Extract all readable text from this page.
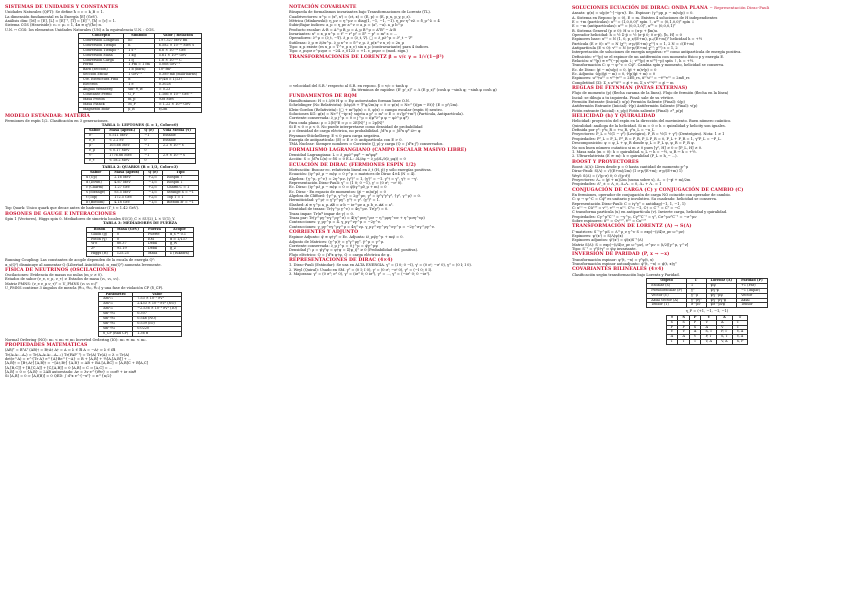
SISTEMAS DE UNIDADES Y CONSTANTES
Unidades Naturales (QFT): Se define ħ = c = k_B = 1.
La dimensión fundamental es la Energía [E] (GeV).
Análisis dim: [M] = [E], [L] = [E]⁻¹, [T] = [E]⁻¹, [ħ] = [c] = 1.
Sistema CGS (Heaviside): ε₀ = μ₀ = 1, 4π ≡ q²/(ħc) α.
U.N. ↔ CGS: los elementos Unidades Naturales (UN) a la equivalencia U.N. : CGS.
Concepto	Símbolo	Valor / Relación
Conversión Longitud	ħc	197.327 MeV fm
Conversión Tiempo	ħ	6.582 × 10⁻²² MeV s
Conversión Tiempo⁻¹	1 s⁻¹	6.6 × 10⁻²⁴ GeV
Conversión Masa	1 kg	5.61 × 10²⁶ GeV
Conversión Carga	1 q	1.6 × 10⁻¹⁹ C
Fermi	1 Fm = 1 fm	5.068 GeV⁻¹
Barn (sección)	1 b (barn)	10² fm²
Sección Eficaz	1 GeV⁻²	0.389 mb (milli-barns)
Cte. Estructura Fina	α	e²/4π ≈ 1/137
Electrón	1 e	0.3028
Ángulo Weinberg	sin² θ_W	≈ 0.23
Constante Fermi	G_F	1.166 × 10⁻⁵ GeV⁻²
Masa Protón	m_p	938 MeV
Masa Planck	M_P	≈ 1.22 × 10¹⁹ GeV
Magnetón Bohr	μ_B	e/2m
MODELO ESTÁNDAR: MATERIA
Fermiones de espín 1/2. Clasificación en 3 generaciones.
TABLA 1: LEPTONES (L = 1, Color=0)
Sabor	Masa (aprox.)	Q (e)	Vida Media (τ)
e⁻	0.511 MeV	−1	Estable
ν_e	< 2.2 eV	0	Estable
μ⁻	105.66 MeV	−1	2.2 × 10⁻⁶ s
ν_μ	< 0.17 MeV	0	
τ⁻	1776.86 MeV	−1	2.9 × 10⁻¹³ s
ν_τ	< 18.2 MeV	0	
TABLA 2: QUARKS (B = 1/3, Color=3)
Sabor	Masa (aprox)	Q (e)	Tipo
u (Up)	2.16 MeV	+2/3	Isospín ↑
d (Down)	4.67 MeV	−1/3	Isospín ↓
c (Charm)	1.27 GeV	+2/3	Charm C = 1
s (Strange)	93.5 MeV	−1/3	Strange S = −1
t (Top)	172.5 GeV	+2/3	Top T = 1
b (Bottom)	4.18 GeV	−1/3	Bottom B' = −1
Top Quark: Único quark que decae antes de hadronizar (Γ_t ≈ 1.42 GeV).
BOSONES DE GAUGE E INTERACCIONES
Spin 1 (Vectores), Higgs spin 0. Mediadores de simetría locales SU(3)_C × SU(2)_L × U(1)_Y.
TABLA 3: MEDIADORES DE FUERZA
Bosón	Masa (GeV)	Fuerza	Acople
Gluón (g)	0	Fuerte	α_s ~ 0.1
Fotón (γ)	0	EM	α ≈ 1/137
W±	80.37	Débil	g_W
Z⁰	91.19	Débil	g_Z
Higgs (H)	125.25	Masa	λ (Yukawa)
Running Coupling: Las constantes de acople dependen de la escala de energía Q²:
α_s(Q²) disminuye al aumentar Q (Libertad Asintótica). α_em(Q²) aumenta levemente.
FÍSICA DE NEUTRINOS (OSCILACIONES)
Oscilaciones: Evidencia de masas no nulas (m_ν ≠ 0).
Estados de sabor (ν_e, ν_μ, ν_τ) ≠ Estados de masa (ν₁, ν₂, ν₃).
Matriz PMNS: (ν_e ν_μ ν_τ)ᵀ = U_PMNS (ν₁ ν₂ ν₃)ᵀ
U_PMNS contiene 3 ángulos de mezcla (θ₁₂, θ₂₃, θ₁₃) y una fase de violación CP (δ_CP).
Parámetro	Valor
Δm²₂₁	7.53 × 10⁻⁵ eV²
Δm²₃₂	2.453 × 10⁻³ eV² (NO)
Δm²₃₂	−2.536 × 10⁻³ eV² (IO)
sin² θ₁₂	0.307
sin² θ₂₃	0.546 (NO)
sin² θ₂₃	0.539 (IO)
sin² θ₁₃	0.0220
δ_CP (Rad CP)	1.36 π
Normal Ordering (NO): m₁ < m₂ ≪ m₃ Inverted Ordering (IO): m₃ ≪ m₁ < m₂.
PROPIEDADES MATEMÁTICAS
(AB)ᵀ = BᵀAᵀ (AB)† = B†A† A† = A ⇒ λ ∈ ℝ A = −A† ⇒ λ ∈ iℝ
Tr(A₁A₂...Aₙ) = Tr(AₙA₁A₂...Aₙ₋₁) Tr(PAP⁻¹) = Tr(A) Tr(A) = λ = Tr(A)
det(e^A) = e^{Tr A} e^{A}Be^{−A} = B + [A,B] + ½[A,[A,B]] + ...
[A,B]† = [B†,A†] [A,B]† = −[A†,B†] {A,B} = AB + BA [A,BC] = [A,B]C + B[A,C]
[A,[B,C]] + [B,[C,A]] + [C,[A,B]] = 0 [A,B] = C ⇒ [A,C] = ...
[A,B] = 0 ⇔ {A,B} = 2AB autoestado: Av = λv e^{iθσ} = cosθ + iσ sinθ
Si [A,B] = 0 ⇒ [A,f(B)] = 0 QED: ∫ dⁿx e^{−x²} = π^{n/2}
NOTACIÓN COVARIANTE
Búsqueda de formalismos invariantes bajo Transformaciones de Lorentz (TL).
Cuadrivectores: x^μ = (x⁰, xⁱ) = (ct, x) = (E, p) = (E, p_x, p_y, p_z).
Métrica (Minkowski): η_μν = η^μν = diag(1, −1, −1, −1). η_μν η^νλ = δ_μ^λ = 4
Subir/Bajar índices: a_μ = η_μν a^ν ⇒ a_μ = (a⁰, −a). a_μ b^μ
Producto escalar: A·B = A^μ B_μ = A_μ B^μ = A⁰B⁰ − A·B
Invariantes: x² = x_μ x^μ = t² − r² p² = E² − p² = m² s = ...
Operadores: ∂^μ = (∂_t, −∇). ∂_μ = (∂_t, ∇). □ = ∂_μ∂^μ = ∂²_t − ∇²
Sutilezas: ∂_μ ≡ ∂/∂x^μ. ∂_μ x^ν = δ^ν_μ. ∂_μ(x^ν x_ν) = 2x_μ
Tipo: x_μ existe (es x_μ = T^ν_μ x_ν) sin x_μ (contravariante) para 4 índices.
Tipo: ε_μνρσ ε^μνρσ = −24. ε_0123 = +1. ε_μνρσ = (mod. sign.)
TRANSFORMACIONES DE LORENTZ β = v/c γ = 1/√(1−β²)
⇒ velocidad del S.R.' respecto al S.R. en reposo. β = v/c = tanh φ
En términos de rapidez: (E' p'_z)ᵀ = Λ (E p_z)ᵀ (cosh φ −sinh φ; −sinh φ cosh φ)
FUNDAMENTOS DE RQM
Hamiltonianos: Ĥ = i ∂/∂t Ĥ ψ = Eψ autoestados forman base O.N.
Schrödinger (No Relativista): (i∂ψ/∂t + ∇²ψ/2m)ψ = 0 ⇒ ψ(x) = Ne^{i(px − Et)} (E = p²/2m).
Klein-Gordon (Relativista): (□ + m²)φ(x) = 0, φ(x) = campo escalar (espín 0) neutro.
Soluciones KG: φ(x) = Ne^{−ip·x} sujeta a p² = m² ⇒ E = ±√(p²+m²) (Partícula, Antipartícula).
Corriente conservada: ∂_μ j^μ = 0 ⇒ j^μ = i(φ*∂^μ φ − φ∂^μ φ*)
Para onda plana: ρ = 2|N|²E ⇒ ρ = 2E|N|² j = 2p|N|²
Si E < 0 ⇒ ρ < 0. No puede interpretarse como densidad de probabilidad
ρ ⇒ densidad de carga eléctrica, no probabilidad. ∫d³x ρ = ∫d³x φ* i∂↔ φ
Feynman-Stückelberg: E < 0 para carga negativa.
Energía de antipartícula: (E) ⇒ E > 0: antipartícula con E > 0.
TMA Nuclear: Siempre nombres ⇒ Corriente (J_μ) y carga (Q = ∫d³x j⁰) conservados.
FORMALISMO LAGRANGIANO (CAMPO ESCALAR MASIVO LIBRE)
Densidad Lagrangiana: L = ∂_μφ∂^μφ* − m²φφ*
Acción: S = ∫d⁴x L(x) ⇒ δS = 0 E.L.: ∂L/∂φ − ∂_μ(∂L/∂(∂_μφ)) = 0
ECUACIÓN DE DIRAC (FERMIONES ESPÍN 1/2)
Motivación: Buscar ec. relativista lineal en ∂_t (Ĥ, p̂) y sólo energías positivas.
Ecuación: (iγ^μ∂_μ − m)ψ = 0 γ^μ = matrices de Dirac 4×4 (N = 4).
Álgebra: {γ^μ, γ^ν} = 2η^μν. (γ⁰)² = 1, (γⁱ)² = −1. γ⁰† = γ⁰, γⁱ† = −γⁱ.
Representación Dirac-Pauli: γ⁰ = (1 0; 0 −1), γⁱ = (0 σⁱ; −σⁱ 0).
Ec. Dirac: (iγ^μ∂_μ − m)ψ = 0 ⇒ ψ̄(iγ^μ∂⃖_μ + m) = 0
Ec. Dirac - En espacio de momentos: (p̸ − m)u(p) = 0
Álgebra de Clifford: {γ^μ, γ^ν} = 2g^μν, γ⁵ = iγ⁰γ¹γ²γ³, {γ⁵, γ^μ} = 0.
Hermiticidad: γ^μ† = γ⁰γ^μγ⁰. γ⁵† = γ⁵. (γ⁵)² = 1.
Slashed: a̸ ≡ γ^μ a_μ. a̸b̸ = a·b − iσ^μν a_μ b_ν. a̸a̸ = a².
Identidad de trazas: Tr(γ^μ γ^ν) = 4η^μν. Tr(γ⁵) = 0.
Traza impar: Tr(nº impar de γ) = 0.
Traza par: Tr(γ^μγ^νγ^ργ^σ) = 4(η^μνη^ρσ − η^μρη^νσ + η^μση^νρ)
Contracciones: γ_μγ^μ = 4. γ_μγ^νγ^μ = −2γ^ν.
Contracciones: γ_μγ^νγ^ργ^μ = 4η^νρ. γ_μγ^νγ^ργ^σγ^μ = −2γ^σγ^ργ^ν.
CORRIENTES Y ADJUNTO
Espinor Adjunto: ψ̄ ≡ ψ†γ⁰ ⇒ Ec. Adjunta: i∂_μψ̄γ^μ + mψ̄ = 0.
Adjunto de Matrices: (γ^μ)† = γ⁰γ^μγ⁰. γ̄^μ = γ^μ.
Corriente conservada: ∂_μ j^μ = 0 j^μ = ψ̄γ^μψ
Densidad j⁰: ρ = ψ̄γ⁰ψ = ψ†ψ = Σ|ψ_i|² ≥ 0 (Probabilidad def. positiva).
Flujo eléctrico: Q = ∫d³x ψ†ψ, Q = carga eléctrica de ψ.
REPRESENTACIONES DE DIRAC (4×4)
1. Dirac-Pauli (Estándar): Se usa en ALTA ENERGÍA. γ⁰ = (I 0; 0 −I), γⁱ = (0 σⁱ; −σⁱ 0), γ⁵ = (0 I; I 0).
2. Weyl (Quiral): Usado en SM. γ⁰ = (0 I; I 0), γⁱ = (0 σⁱ; −σⁱ 0), γ⁵ = (−I 0; 0 I).
3. Majorana: γ⁰ = (0 σ²; σ² 0), γ¹ = (iσ³ 0; 0 iσ³), γ² = ..., γ³ = (−iσ¹ 0; 0 −iσ¹).
SOLUCIONES ECUACIÓN DE DIRAC: ONDA PLANA − Representación Dirac-Pauli
Ansatz: ψ(x) = u(p)e^{−ip·x}. Ec. Espinor: (γ^μp_μ − m)u(p) = 0.
A. Sistema en Reposo (p = 0), E = m. Existen 4 soluciones de H independientes
E = +m (partículas): u⁽¹⁾ = (1,0,0,0)ᵀ spín ↑, u⁽²⁾ = (0,1,0,0)ᵀ spín ↓
E = −m (antipartículas): u⁽³⁾ = (0,0,1,0)ᵀ, u⁽⁴⁾ = (0,0,0,1)ᵀ
B. Sistema General (p ≠ 0): Ĥ u = (α·p + βm)u.
Operador helicidad: h = ½ Σ·p̂ = ½ (σ·p̂ 0; 0 σ·p̂), [h, H] = 0
Espinores base: u⁽¹⁾ = N (1, 0, p_z/(E+m), p₊/(E+m))ᵀ helicidad h = +½
Partícula (E > 0): u⁽ˢ⁾ = N (χ⁽ˢ⁾; σ·p/(E+m) χ⁽ˢ⁾) s = 1, 2 N = √(E+m)
Antipartícula (E < 0): v⁽ˢ⁾ = N (σ·p/(E+m) χ⁽ˢ⁾; χ⁽ˢ⁾) s = 1, 2
Interpretación de soluciones de energía negativa: v⁽ˢ⁾ como antipartícula de energía positiva.
Definición: v⁽ˢ⁾(p) se el espinor de un antifermión con momento físico p y energía E.
Relación: u⁽¹⁾(p) ≡ v⁽⁴⁾(−p) spín ↓; v⁽²⁾(p) ≡ u⁽³⁾(−p) spín ↑, h = +½.
Transformación C: ψ → ψ^c = Cψ̄ᵀ. Cambia spín y momento, helicidad se conserva.
Ec. de Dirac: (p̸ − m)u(p) = 0, (p̸ + m)v(p) = 0
Ec. Adjunta: ū(p)(p̸ − m) = 0, v̄(p)(p̸ + m) = 0
Espinores: u⁽ʳ⁾†u⁽ˢ⁾ = v⁽ʳ⁾†v⁽ˢ⁾ = 2Eδ_rs, ū⁽ʳ⁾u⁽ˢ⁾ = −v̄⁽ʳ⁾v⁽ˢ⁾ = 2mδ_rs
Completitud (Σ): Σ_s u⁽ˢ⁾ū⁽ˢ⁾ = p̸ + m, Σ_s v⁽ˢ⁾v̄⁽ˢ⁾ = p̸ − m
REGLAS DE FEYNMAN (PATAS EXTERNAS)
Flujo de momento (p) (flecha carama de la línea). Flujo de fermión (flecha en la línea)
Incial: se dibuja a tu izquierda. Final: sale de su vértice.
Fermión Entrante (Inicial): u(p) Fermión Saliente (Final): ū(p)
Antifermión Entrante (Inicial): v̄(p) Antifermión Saliente (Final): v(p)
Fotón entrante (Inicial): ε_μ(p) Fotón saliente (Final): ε*_μ(p)
HELICIDAD (h) Y QUIRALIDAD
Helicidad: proyección del espín en la dirección del movimiento. Buen número cuántico.
Quiralidad: análoga de la helicidad. Si m = 0 ⇒ h = quiralidad y helicity son iguales.
Definida por γ⁵: γ⁵u_R = +u_R, γ⁵u_L = −u_L
Proyectores: P_L = ½(1 − γ⁵) (Levógiro), P_R = ½(1 + γ⁵) (Dextrógiro). Nota: 1 ≠ 1
Propiedades: P²_L = P_L, P²_R = P_R, P_L P_R = 0, P_L + P_R = 1, γ⁵P_L = −P_L.
Descomposición: ψ = ψ_L + ψ_R donde ψ_L = P_L ψ, ψ_R = P_R ψ.
No son buen número cuántico si m ≠ 0 pues [γ⁵, H] ≠ 0 ⇒ [P_L, H] ≠ 0.
1. Masa nula (m = 0): h = quiralidad. u_L ↔ h = −½, u_R ↔ h = +½.
2. Ultrarelativista (E ≫ m): h ≈ quiralidad (P_L ≈ h_− ...).
BOOST Y PROYECTORES
Boost: Λ(Λ): Lleva desde p = 0 hasta cantidad de momento p^μ
Dirac-Pauli: S(Λ) = √((E+m)/2m) (1 σ·p/(E+m); σ·p/(E+m) 1)
Weyl: S(Λ) = (√(p·σ) 0; 0 √(p·σ̄))
Proyectores: Λ₊ = (p̸ + m)/2m (suma sobre s), Λ₋ = (−p̸ + m)/2m
Propiedades: Λ²_± = Λ_±, Λ₊Λ₋ = 0, Λ₊ + Λ₋ = 1
CONJUGACIÓN DE CARGA (C) y CONJUGACIÓN DE CAMBIO (C)
En fermiones, operador de conjugación de carga NO coincide con operador de cambio.
C: ψ → ψ^C = Cψ̄ᵀ es unitario y involutivo. Su cuadrado: helicidad se conserva.
Representación Dirac-Pauli: C = iγ²γ⁰ = antidiag(−1, 1, −1, 1)
C: u⁽ˢ⁾ → Cū⁽ˢ⁾ᵀ = v⁽ˢ⁾, v⁽ˢ⁾ → u⁽ˢ⁾. C²= −1, C† = C⁻¹ = Cᵀ = −C
C transforma partícula (u) en antipartícula (v). Invierte carga, helicidad y quiralidad.
Propiedades: Cγ^μᵀC⁻¹ = −γ^μ, Cγ⁵ᵀC⁻¹ = γ⁵, Cσ^μνᵀC⁻¹ = −σ^μν
Sobre espinores: ū⁽ˢ⁾ = Cv⁽ˢ⁾ᵀ, v̄⁽ˢ⁾ = Cu⁽ˢ⁾ᵀ
TRANSFORMACIÓN DE LORENTZ (Λ) → S(Λ)
Γ-matrices: S⁻¹γ^μS = Λ^μ_ν γ^ν S = exp(−(i/4)σ_μν ω^μν)
Espinores: ψ'(x') = S(Λ)ψ(x)
Espinores adjuntos: ψ̄'(x') = ψ̄(x)S⁻¹(Λ)
Matriz S(Λ): S = exp(−(i/4)σ_μν ω^μν), σ^μν = (i/2)[γ^μ, γ^ν]
Tipo: S⁻¹ = γ⁰S†γ⁰ ⇒ ψ̄ψ invariante.
INVERSIÓN DE PARIDAD (P, x → −x)
Transformación espinor: ψ'(t, −x) = γ⁰ψ(t, x)
Transformación espinor autoadjunto: ψ̄'(t, −x) = ψ̄(t, x)γ⁰
COVARIANTES BILINEALES (4×4)
Clasificación según transformación bajo Lorentz y Paridad.
Objeto	Γ	Lorentz (Λ)	Paridad (P)
Escalar (S)	1	ψ̄ψ	+1 (Par)
Pseudoescalar (P)	γ⁵	ψ̄γ⁵ψ	−1 (Impar)
Vector (V)	γ^μ	ψ̄γ^μψ	Vector
Axial Vector (A)	γ^μγ⁵	ψ̄γ^μγ⁵ψ	Axial
Tensor (T)	σ^μν	ψ̄σ^μνψ	Tensor
η_P = (+1, −1, −1, −1)
×	S	P	V	A	T
S	S	P	V	A	T
P	P	S	A	V	T
V	V	A	S, T	P, T	V, A
A	A	V	P, T	S, T	V, A
T	T	T	V, A	V, A	S, P
